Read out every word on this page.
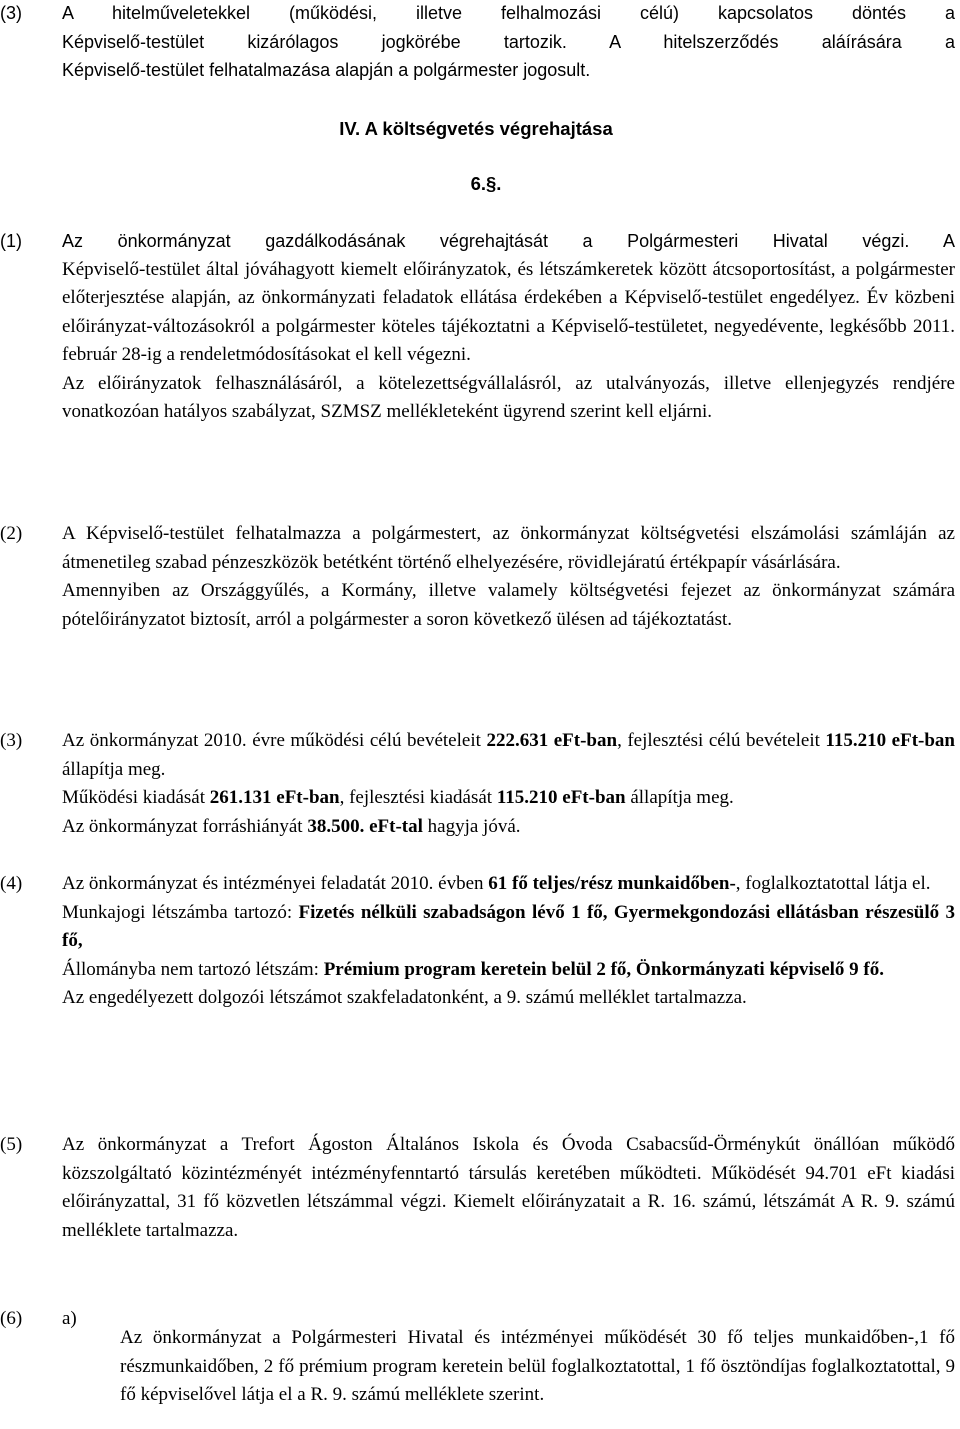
(3)	A hitelműveletekkel (működési, illetve felhalmozási célú) kapcsolatos döntés a

Képviselő-testület kizárólagos jogkörébe tartozik. A hitelszerződés aláírására a

Képviselő-testület felhatalmazása alapján a polgármester jogosult.

IV. A költségvetés végrehajtása
6.§.
(1)	Az önkormányzat gazdálkodásának végrehajtását a Polgármesteri Hivatal végzi. A

Képviselő-testület által jóváhagyott kiemelt előirányzatok, és létszámkeretek között átcsoportosítást, a polgármester előterjesztése alapján, az önkormányzati feladatok ellátása érdekében a Képviselő-testület engedélyez. Év közbeni előirányzat-változásokról a polgármester köteles tájékoztatni a Képviselő-testületet, negyedévente, legkésőbb 2011. február 28-ig a rendeletmódosításokat el kell végezni.

Az előirányzatok felhasználásáról, a kötelezettségvállalásról, az utalványozás, illetve ellenjegyzés rendjére vonatkozóan hatályos szabályzat, SZMSZ mellékleteként ügyrend szerint kell eljárni.

(2)	A Képviselő-testület felhatalmazza a polgármestert, az önkormányzat költségvetési elszámolási számláján az átmenetileg szabad pénzeszközök betétként történő elhelyezésére, rövidlejáratú értékpapír vásárlására.

Amennyiben az Országgyűlés, a Kormány, illetve valamely költségvetési fejezet az önkormányzat számára pótelőirányzatot biztosít, arról a polgármester a soron következő ülésen ad tájékoztatást.

(3)	Az önkormányzat 2010. évre működési célú bevételeit 222.631 eFt-ban, fejlesztési célú bevételeit 115.210 eFt-ban állapítja meg.

Működési kiadását 261.131 eFt-ban, fejlesztési kiadását 115.210 eFt-ban állapítja meg.

Az önkormányzat forráshiányát 38.500. eFt-tal hagyja jóvá.

(4)	Az önkormányzat és intézményei feladatát 2010. évben 61 fő teljes/rész munkaidőben-, foglalkoztatottal látja el.

Munkajogi létszámba tartozó: Fizetés nélküli szabadságon lévő 1 fő, Gyermekgondozási ellátásban részesülő 3 fő,

Állományba nem tartozó létszám: Prémium program keretein belül 2 fő, Önkormányzati képviselő 9 fő.

Az engedélyezett dolgozói létszámot szakfeladatonként, a 9. számú melléklet tartalmazza.

(5)	Az önkormányzat a Trefort Ágoston Általános Iskola és Óvoda Csabacsűd-Örménykút önállóan működő közszolgáltató közintézményét intézményfenntartó társulás keretében működteti. Működését 94.701 eFt kiadási előirányzattal, 31 fő közvetlen létszámmal végzi. Kiemelt előirányzatait a R. 16. számú, létszámát A R. 9. számú melléklete tartalmazza.

(6)	a)

Az önkormányzat a Polgármesteri Hivatal és intézményei működését 30 fő teljes munkaidőben-,1 fő részmunkaidőben, 2 fő prémium program keretein belül foglalkoztatottal, 1 fő ösztöndíjas foglalkoztatottal, 9 fő képviselővel látja el a R. 9. számú melléklete szerint.
